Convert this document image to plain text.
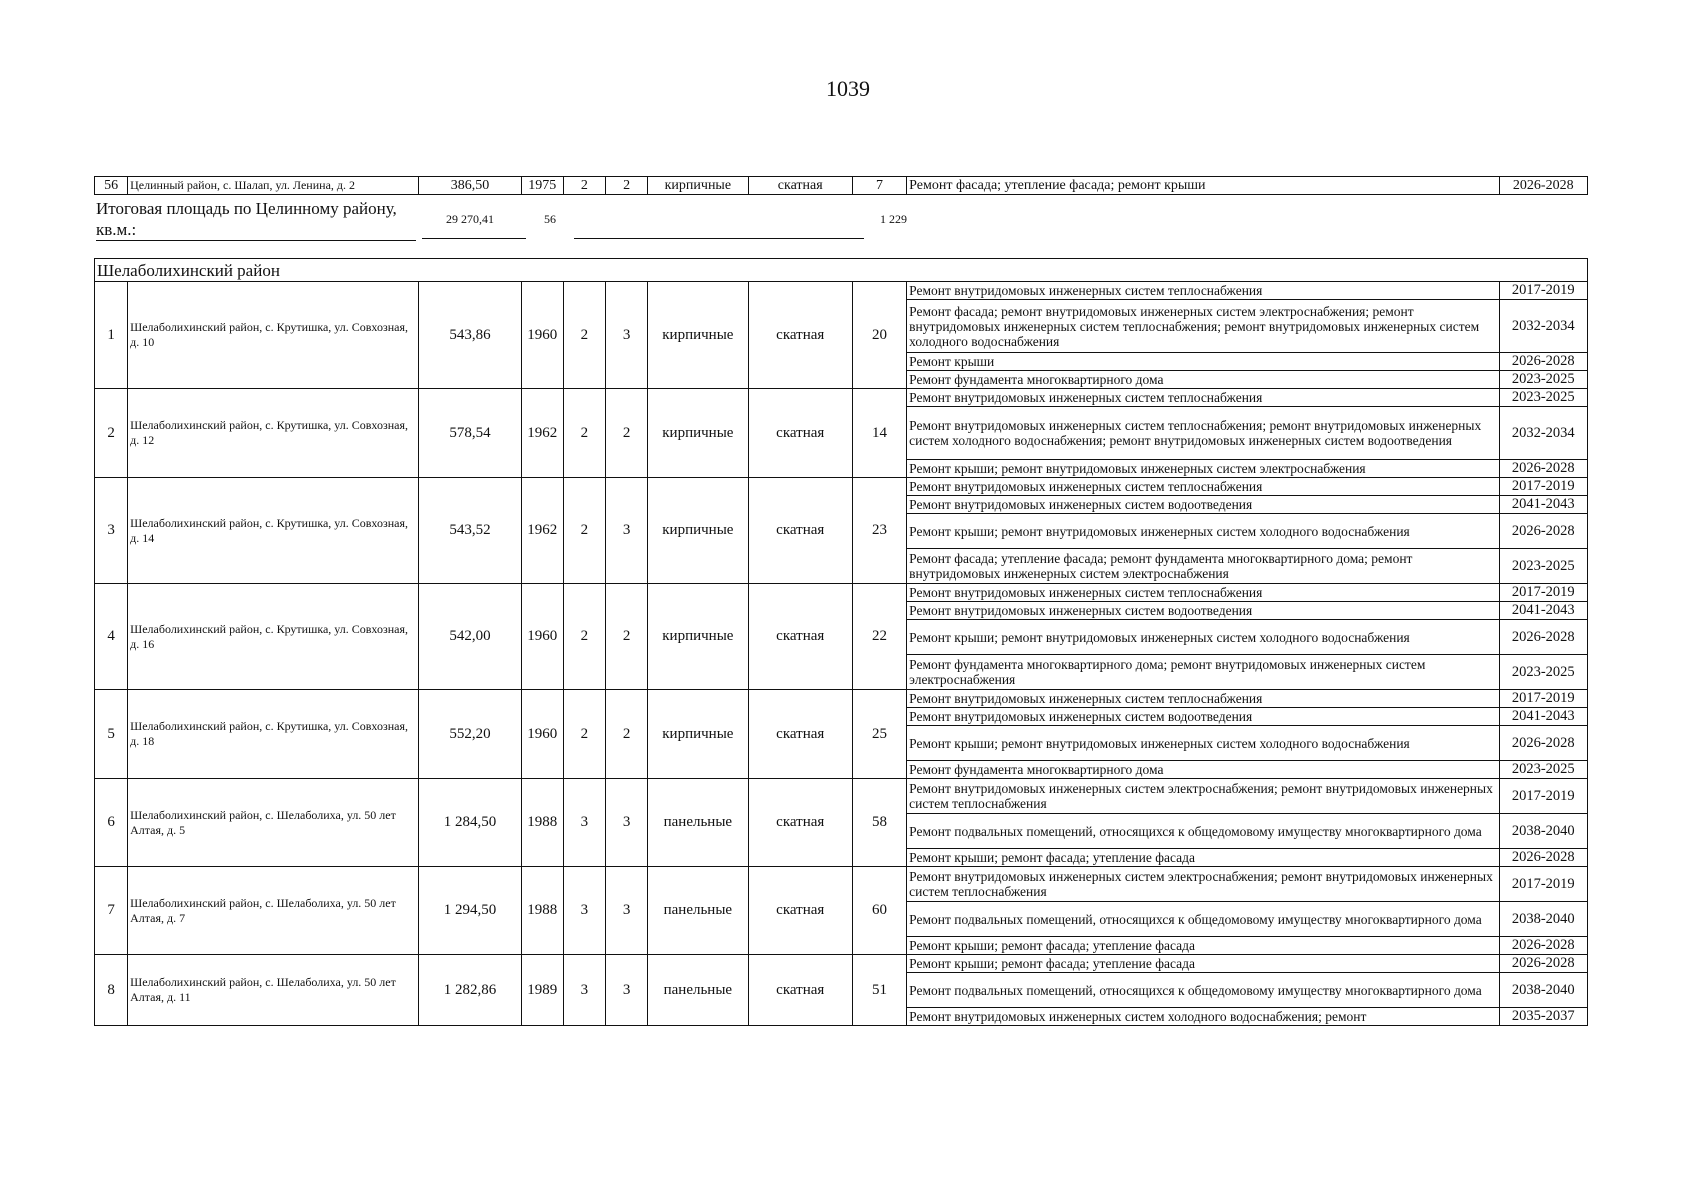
1039
56	Целинный район, с. Шалап, ул. Ленина, д. 2	386,50	1975	2	2	кирпичные	скатная	7	Ремонт фасада; утепление фасада; ремонт крыши	2026-2028
Итоговая площадь по Целинному району, кв.м.:
29 270,41	56	1 229
Шелаболихинский район										
1	Шелаболихинский район, с. Крутишка, ул. Совхозная, д. 10	543,86	1960	2	3	кирпичные	скатная	20	Ремонт внутридомовых инженерных систем теплоснабжения	2017-2019
									Ремонт фасада; ремонт внутридомовых инженерных систем электроснабжения; ремонт внутридомовых инженерных систем теплоснабжения; ремонт внутридомовых инженерных систем холодного водоснабжения	2032-2034
									Ремонт крыши	2026-2028
									Ремонт фундамента многоквартирного дома	2023-2025
2	Шелаболихинский район, с. Крутишка, ул. Совхозная, д. 12	578,54	1962	2	2	кирпичные	скатная	14	Ремонт внутридомовых инженерных систем теплоснабжения	2023-2025
									Ремонт внутридомовых инженерных систем теплоснабжения; ремонт внутридомовых инженерных систем холодного водоснабжения; ремонт внутридомовых инженерных систем водоотведения	2032-2034
									Ремонт крыши; ремонт внутридомовых инженерных систем электроснабжения	2026-2028
3	Шелаболихинский район, с. Крутишка, ул. Совхозная, д. 14	543,52	1962	2	3	кирпичные	скатная	23	Ремонт внутридомовых инженерных систем теплоснабжения	2017-2019
									Ремонт внутридомовых инженерных систем водоотведения	2041-2043
									Ремонт крыши; ремонт внутридомовых инженерных систем холодного водоснабжения	2026-2028
									Ремонт фасада; утепление фасада; ремонт фундамента многоквартирного дома; ремонт внутридомовых инженерных систем электроснабжения	2023-2025
4	Шелаболихинский район, с. Крутишка, ул. Совхозная, д. 16	542,00	1960	2	2	кирпичные	скатная	22	Ремонт внутридомовых инженерных систем теплоснабжения	2017-2019
									Ремонт внутридомовых инженерных систем водоотведения	2041-2043
									Ремонт крыши; ремонт внутридомовых инженерных систем холодного водоснабжения	2026-2028
									Ремонт фундамента многоквартирного дома; ремонт внутридомовых инженерных систем электроснабжения	2023-2025
5	Шелаболихинский район, с. Крутишка, ул. Совхозная, д. 18	552,20	1960	2	2	кирпичные	скатная	25	Ремонт внутридомовых инженерных систем теплоснабжения	2017-2019
									Ремонт внутридомовых инженерных систем водоотведения	2041-2043
									Ремонт крыши; ремонт внутридомовых инженерных систем холодного водоснабжения	2026-2028
									Ремонт фундамента многоквартирного дома	2023-2025
6	Шелаболихинский район, с. Шелаболиха, ул. 50 лет Алтая, д. 5	1 284,50	1988	3	3	панельные	скатная	58	Ремонт внутридомовых инженерных систем электроснабжения; ремонт внутридомовых инженерных систем теплоснабжения	2017-2019
									Ремонт подвальных помещений, относящихся к общедомовому имуществу многоквартирного дома	2038-2040
									Ремонт крыши; ремонт фасада; утепление фасада	2026-2028
7	Шелаболихинский район, с. Шелаболиха, ул. 50 лет Алтая, д. 7	1 294,50	1988	3	3	панельные	скатная	60	Ремонт внутридомовых инженерных систем электроснабжения; ремонт внутридомовых инженерных систем теплоснабжения	2017-2019
									Ремонт подвальных помещений, относящихся к общедомовому имуществу многоквартирного дома	2038-2040
									Ремонт крыши; ремонт фасада; утепление фасада	2026-2028
8	Шелаболихинский район, с. Шелаболиха, ул. 50 лет Алтая, д. 11	1 282,86	1989	3	3	панельные	скатная	51	Ремонт крыши; ремонт фасада; утепление фасада	2026-2028
									Ремонт подвальных помещений, относящихся к общедомовому имуществу многоквартирного дома	2038-2040
									Ремонт внутридомовых инженерных систем холодного водоснабжения; ремонт	2035-2037
